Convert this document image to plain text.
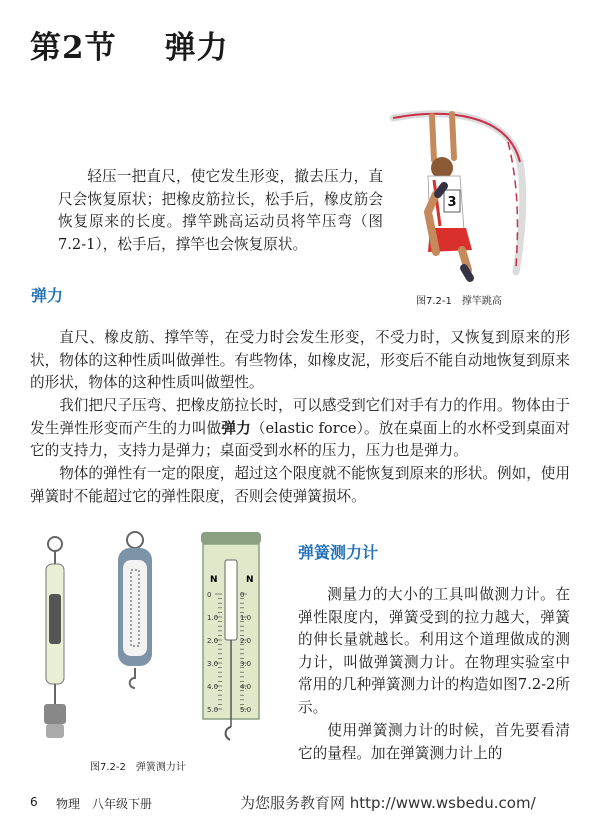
第2节 弹力
轻压一把直尺，使它发生形变，撤去压力，直尺会恢复原状；把橡皮筋拉长，松手后，橡皮筋会恢复原来的长度。撑竿跳高运动员将竿压弯（图7.2-1），松手后，撑竿也会恢复原状。
3
图7.2-1　撑竿跳高
弹力
直尺、橡皮筋、撑竿等，在受力时会发生形变，不受力时，又恢复到原来的形状，物体的这种性质叫做弹性。有些物体，如橡皮泥，形变后不能自动地恢复到原来的形状，物体的这种性质叫做塑性。
我们把尺子压弯、把橡皮筋拉长时，可以感受到它们对手有力的作用。物体由于发生弹性形变而产生的力叫做弹力（elastic force）。放在桌面上的水杯受到桌面对它的支持力，支持力是弹力；桌面受到水杯的压力，压力也是弹力。
物体的弹性有一定的限度，超过这个限度就不能恢复到原来的形状。例如，使用弹簧时不能超过它的弹性限度，否则会使弹簧损坏。
N	N
0
1.0
2.0
3.0
4.0
5.0
0
1.0
2.0
3.0
4.0
5.0
图7.2-2　弹簧测力计
弹簧测力计
测量力的大小的工具叫做测力计。在弹性限度内，弹簧受到的拉力越大，弹簧的伸长量就越长。利用这个道理做成的测力计，叫做弹簧测力计。在物理实验室中常用的几种弹簧测力计的构造如图7.2-2所示。
使用弹簧测力计的时候，首先要看清它的量程。加在弹簧测力计上的
6 物理　八年级下册	为您服务教育网 http://www.wsbedu.com/
